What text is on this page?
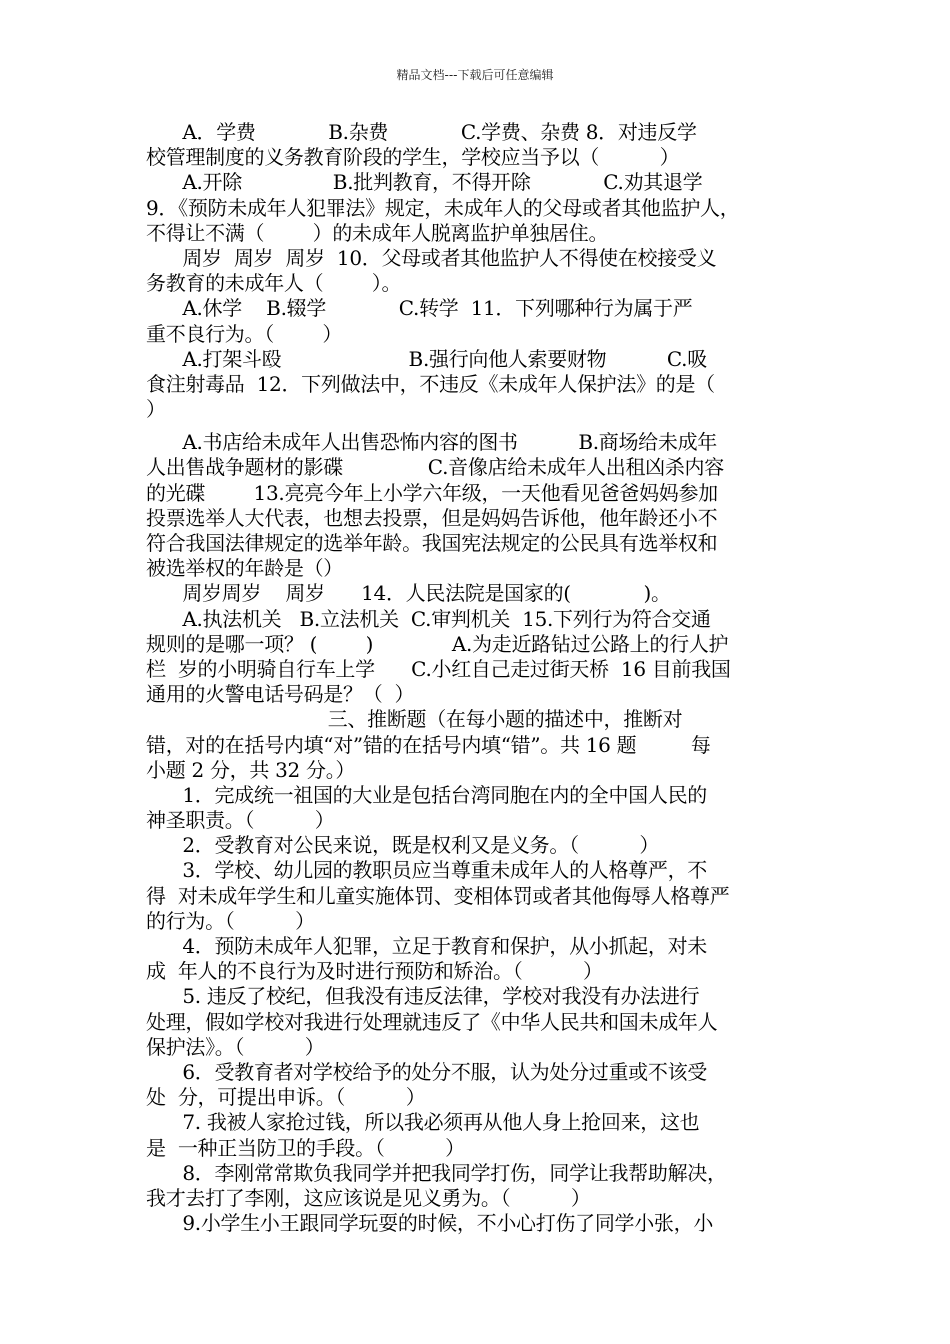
精品文档---下载后可任意编辑
A．学费            B.杂费            C.学费、杂费 8．对违反学
校管理制度的义务教育阶段的学生，学校应当予以（          ）
A.开除               B.批判教育，不得开除            C.劝其退学
9．《预防未成年人犯罪法》规定，未成年人的父母或者其他监护人，
不得让不满（        ）的未成年人脱离监护单独居住。
周岁  周岁  周岁  10．父母或者其他监护人不得使在校接受义
务教育的未成年人（        ）。
A.休学    B.辍学            C.转学  11．下列哪种行为属于严
重不良行为。（        ）
A.打架斗殴                     B.强行向他人索要财物          C.吸
食注射毒品  12．下列做法中，不违反《未成年人保护法》的是（
）
A.书店给未成年人出售恐怖内容的图书          B.商场给未成年
人出售战争题材的影碟              C.音像店给未成年人出租凶杀内容
的光碟        13.亮亮今年上小学六年级，一天他看见爸爸妈妈参加
投票选举人大代表，也想去投票，但是妈妈告诉他，他年龄还小不
符合我国法律规定的选举年龄。我国宪法规定的公民具有选举权和
被选举权的年龄是（）
周岁周岁    周岁      14．人民法院是国家的(            )。
A.执法机关   B.立法机关  C.审判机关  15.下列行为符合交通
规则的是哪一项？ (        )             A.为走近路钻过公路上的行人护
栏  岁的小明骑自行车上学      C.小红自己走过街天桥  16 目前我国
通用的火警电话号码是？（  ）
三、推断题（在每小题的描述中，推断对
错，对的在括号内填“对”错的在括号内填“错”。共 16 题         每
小题 2 分，共 32 分。）
1．完成统一祖国的大业是包括台湾同胞在内的全中国人民的
神圣职责。（          ）
2．受教育对公民来说，既是权利又是义务。（          ）
3．学校、幼儿园的教职员应当尊重未成年人的人格尊严，不
得  对未成年学生和儿童实施体罚、变相体罚或者其他侮辱人格尊严
的行为。（          ）
4．预防未成年人犯罪，立足于教育和保护，从小抓起，对未
成  年人的不良行为及时进行预防和矫治。（          ）
5. 违反了校纪，但我没有违反法律，学校对我没有办法进行
处理，假如学校对我进行处理就违反了《中华人民共和国未成年人
保护法》。（          ）
6．受教育者对学校给予的处分不服，认为处分过重或不该受
处  分，可提出申诉。（          ）
7. 我被人家抢过钱，所以我必须再从他人身上抢回来，这也
是  一种正当防卫的手段。（          ）
8．李刚常常欺负我同学并把我同学打伤，同学让我帮助解决，
我才去打了李刚，这应该说是见义勇为。（          ）
9.小学生小王跟同学玩耍的时候，不小心打伤了同学小张，小
